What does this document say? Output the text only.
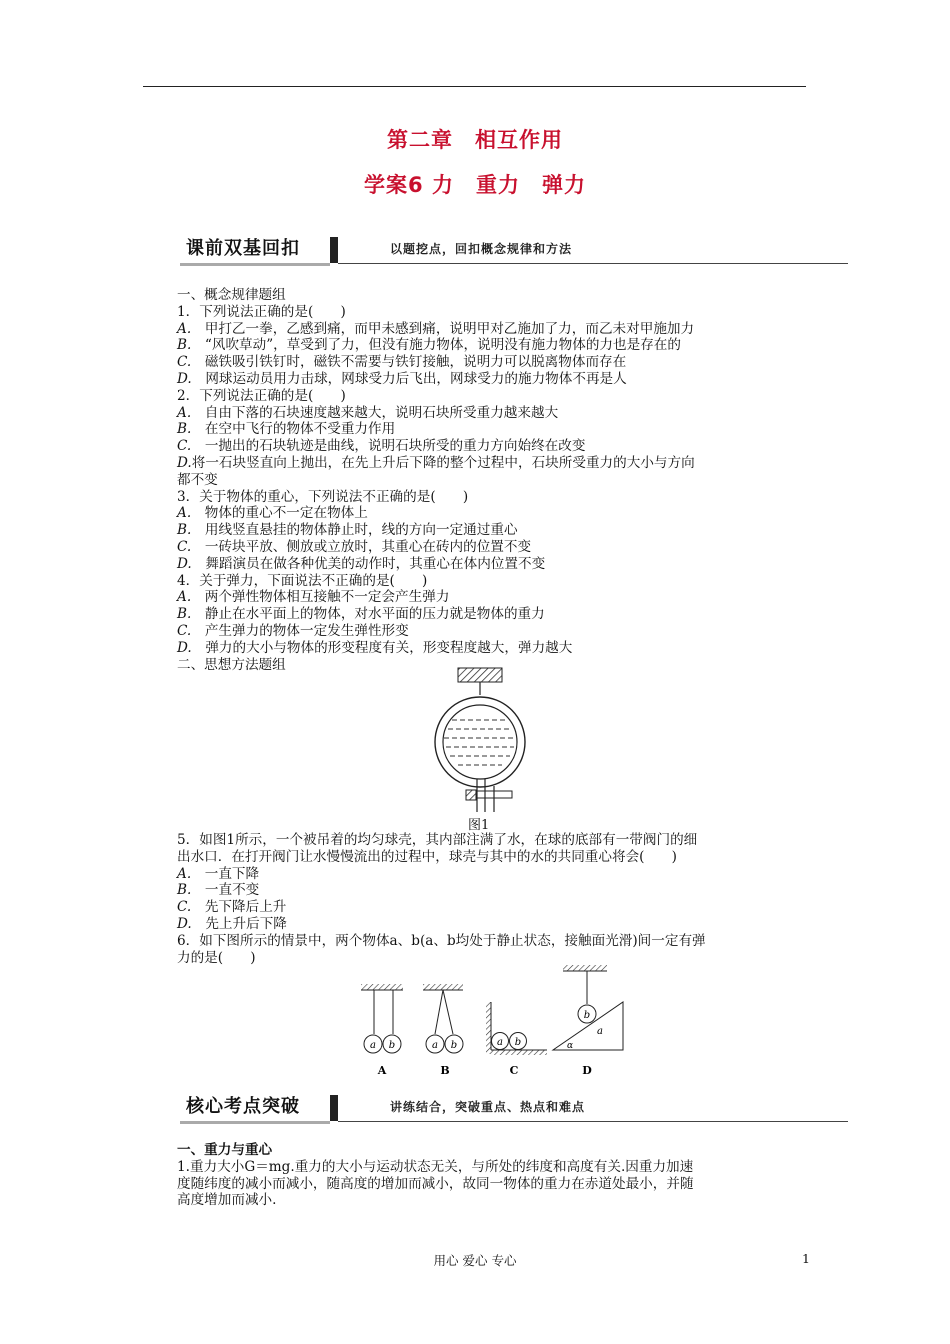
第二章　相互作用
学案6 力　重力　弹力
课前双基回扣	以题挖点，回扣概念规律和方法
一、概念规律题组
1．下列说法正确的是(　　)
A.　 甲打乙一拳，乙感到痛，而甲未感到痛，说明甲对乙施加了力，而乙未对甲施加力
B.　 “风吹草动”，草受到了力，但没有施力物体，说明没有施力物体的力也是存在的
C.　 磁铁吸引铁钉时，磁铁不需要与铁钉接触，说明力可以脱离物体而存在
D.　 网球运动员用力击球，网球受力后飞出，网球受力的施力物体不再是人
2．下列说法正确的是(　　)
A.　 自由下落的石块速度越来越大，说明石块所受重力越来越大
B.　 在空中飞行的物体不受重力作用
C.　 一抛出的石块轨迹是曲线，说明石块所受的重力方向始终在改变
D.将一石块竖直向上抛出，在先上升后下降的整个过程中，石块所受重力的大小与方向
都不变
3．关于物体的重心，下列说法不正确的是(　　)
A.　 物体的重心不一定在物体上
B.　 用线竖直悬挂的物体静止时，线的方向一定通过重心
C.　 一砖块平放、侧放或立放时，其重心在砖内的位置不变
D.　 舞蹈演员在做各种优美的动作时，其重心在体内位置不变
4．关于弹力，下面说法不正确的是(　　)
A.　 两个弹性物体相互接触不一定会产生弹力
B.　 静止在水平面上的物体，对水平面的压力就是物体的重力
C.　 产生弹力的物体一定发生弹性形变
D.　 弹力的大小与物体的形变程度有关，形变程度越大，弹力越大
二、思想方法题组
图1
5．如图1所示，一个被吊着的均匀球壳，其内部注满了水，在球的底部有一带阀门的细
出水口．在打开阀门让水慢慢流出的过程中，球壳与其中的水的共同重心将会(　　)
A.　 一直下降
B.　 一直不变
C.　 先下降后上升
D.　 先上升后下降
6．如下图所示的情景中，两个物体a、b(a、b均处于静止状态，接触面光滑)间一定有弹
力的是(　　)
a b
A
a b
B
a b
C
b
a
α
D
核心考点突破	讲练结合，突破重点、热点和难点
一、重力与重心
1.重力大小G＝mg.重力的大小与运动状态无关，与所处的纬度和高度有关.因重力加速
度随纬度的减小而减小，随高度的增加而减小，故同一物体的重力在赤道处最小，并随
高度增加而减小.
用心 爱心 专心	1
